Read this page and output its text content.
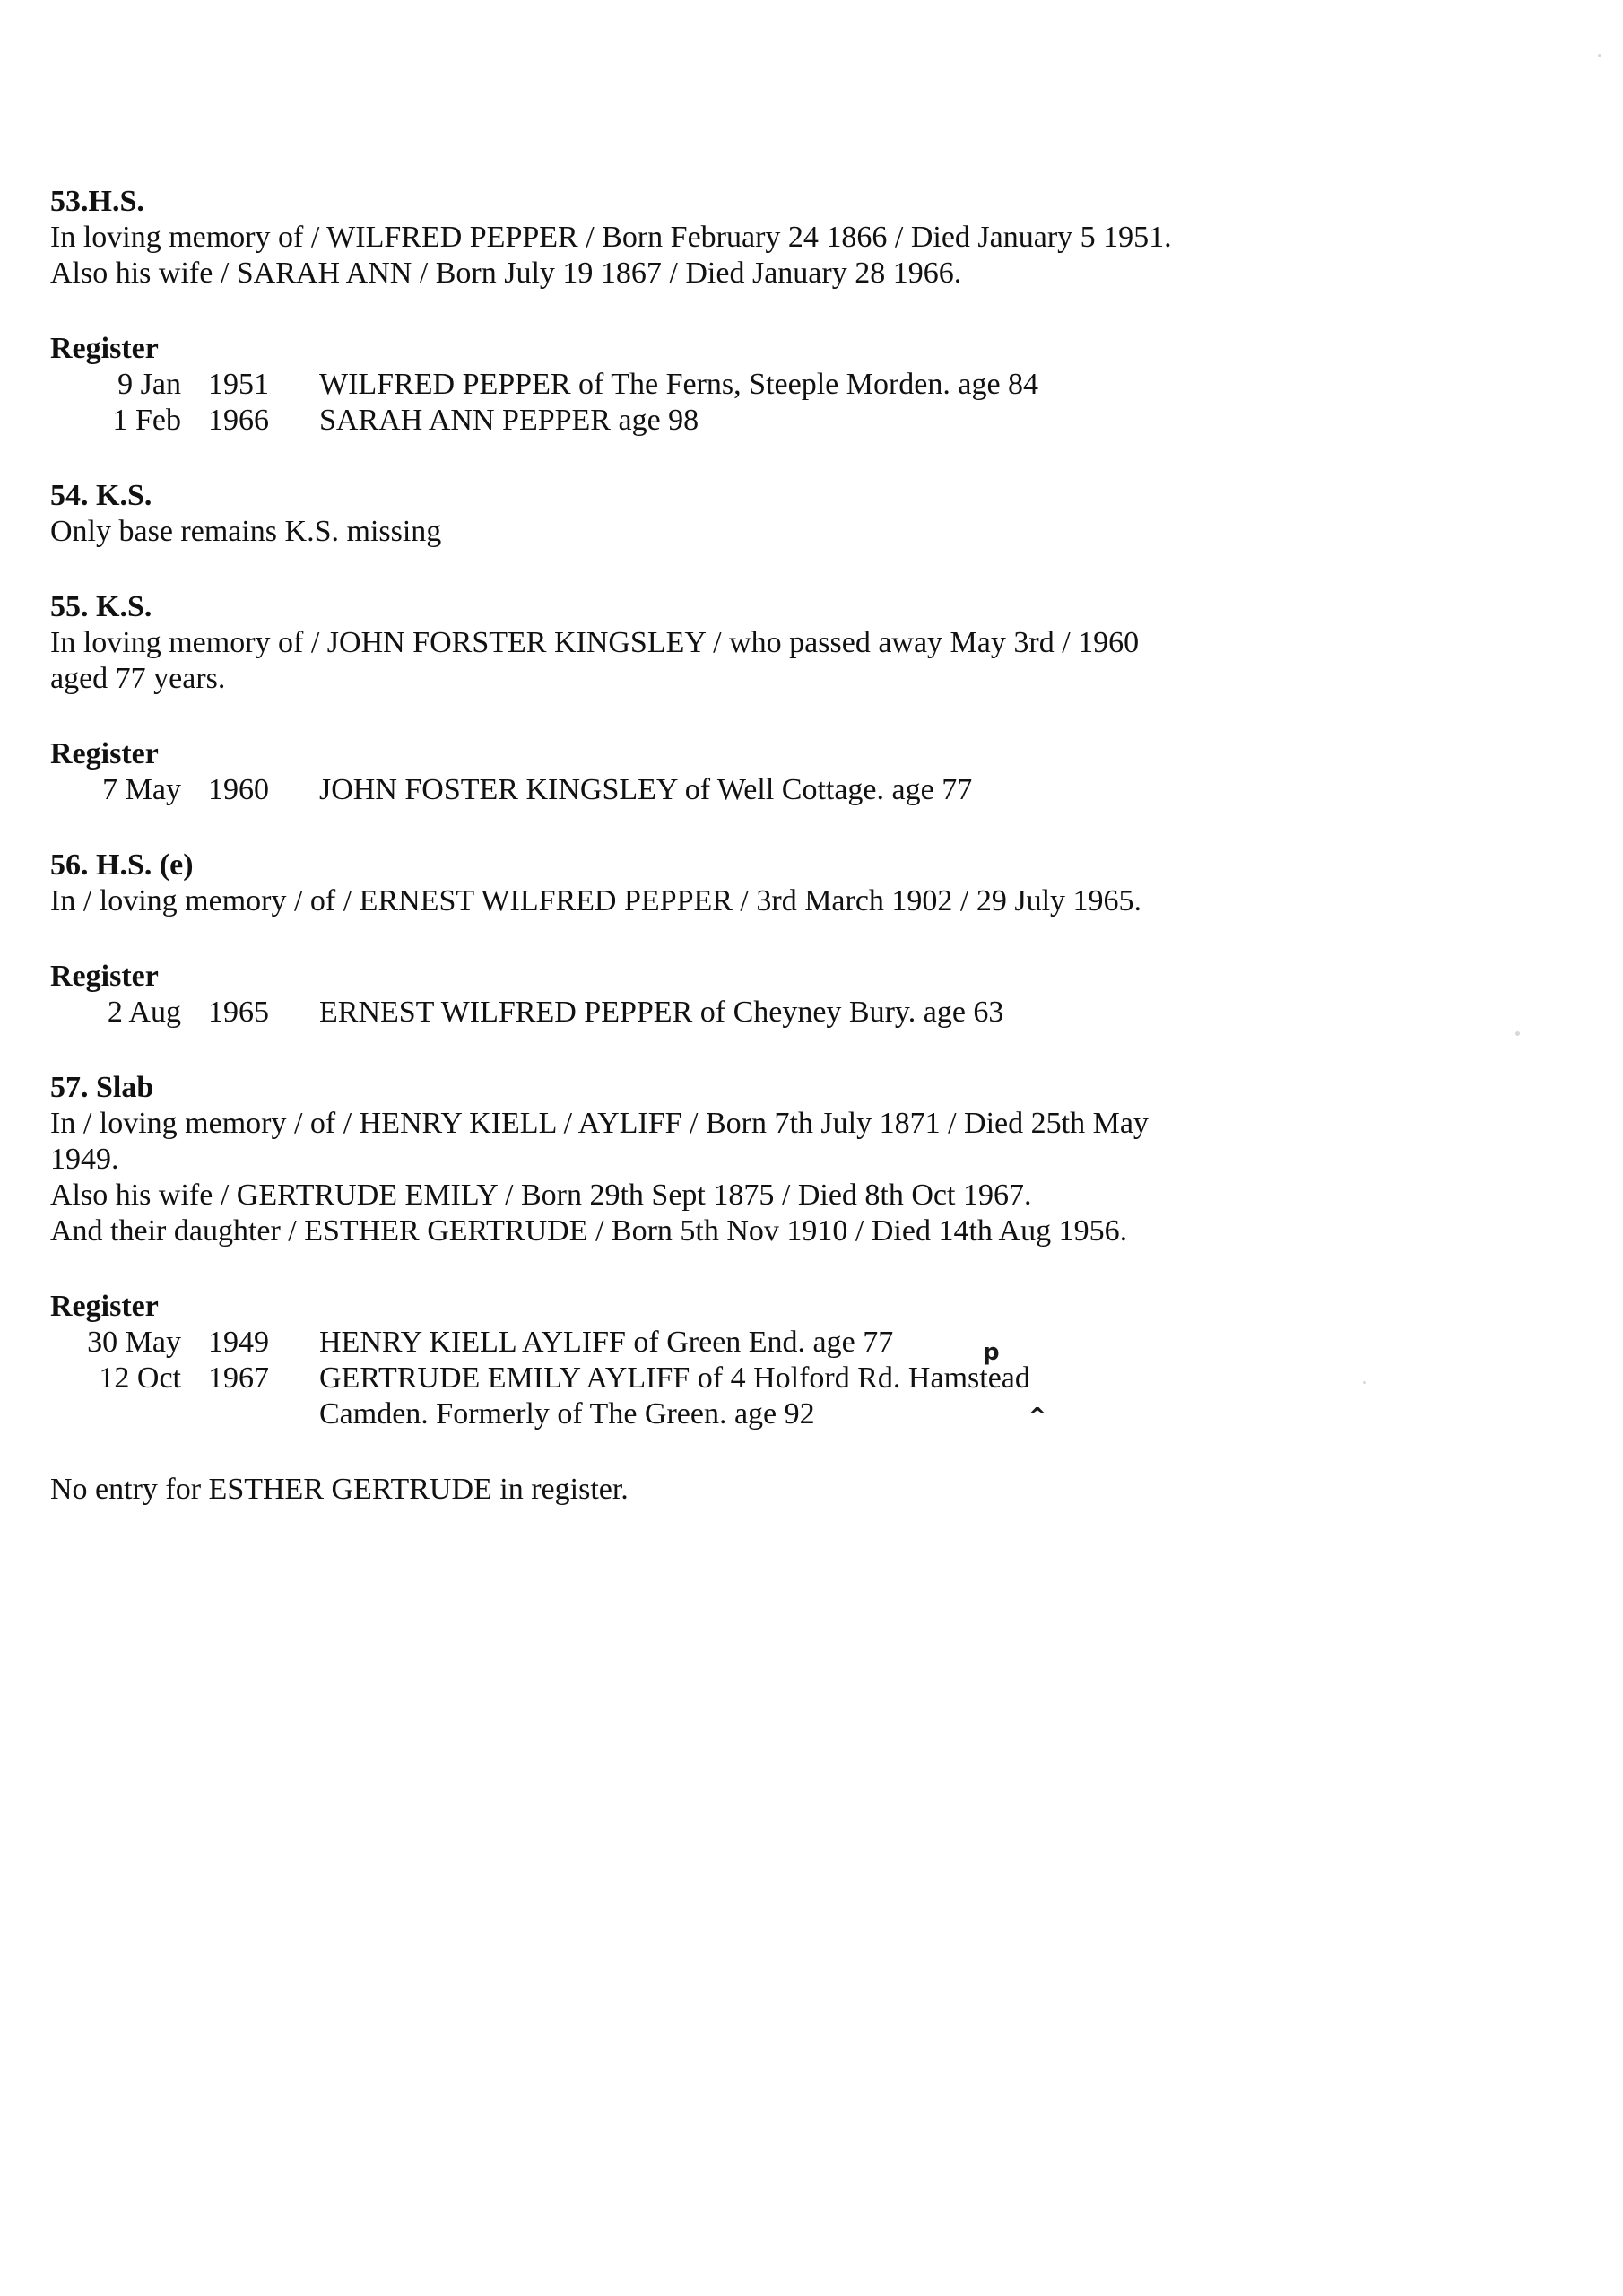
53.H.S.
In loving memory of / WILFRED PEPPER / Born February 24 1866 / Died January 5 1951.
Also his wife / SARAH ANN / Born July 19 1867 / Died January 28 1966.
Register
9 Jan 1951	WILFRED PEPPER of The Ferns, Steeple Morden. age 84
1 Feb 1966	SARAH ANN PEPPER age 98
54. K.S.
Only base remains K.S. missing
55. K.S.
In loving memory of / JOHN FORSTER KINGSLEY / who passed away May 3rd / 1960
aged 77 years.
Register
7 May 1960	JOHN FOSTER KINGSLEY of Well Cottage. age 77
56. H.S. (e)
In / loving memory / of / ERNEST WILFRED PEPPER / 3rd March 1902 / 29 July 1965.
Register
2 Aug 1965	ERNEST WILFRED PEPPER of Cheyney Bury. age 63
57. Slab
In / loving memory / of / HENRY KIELL / AYLIFF / Born 7th July 1871 / Died 25th May
1949.
Also his wife / GERTRUDE EMILY / Born 29th Sept 1875 / Died 8th Oct 1967.
And their daughter / ESTHER GERTRUDE / Born 5th Nov 1910 / Died 14th Aug 1956.
Register
30 May 1949	HENRY KIELL AYLIFF of Green End. age 77
12 Oct 1967	GERTRUDE EMILY AYLIFF of 4 Holford Rd. Hamstead
p
Camden. Formerly of The Green. age 92	^
No entry for ESTHER GERTRUDE in register.
